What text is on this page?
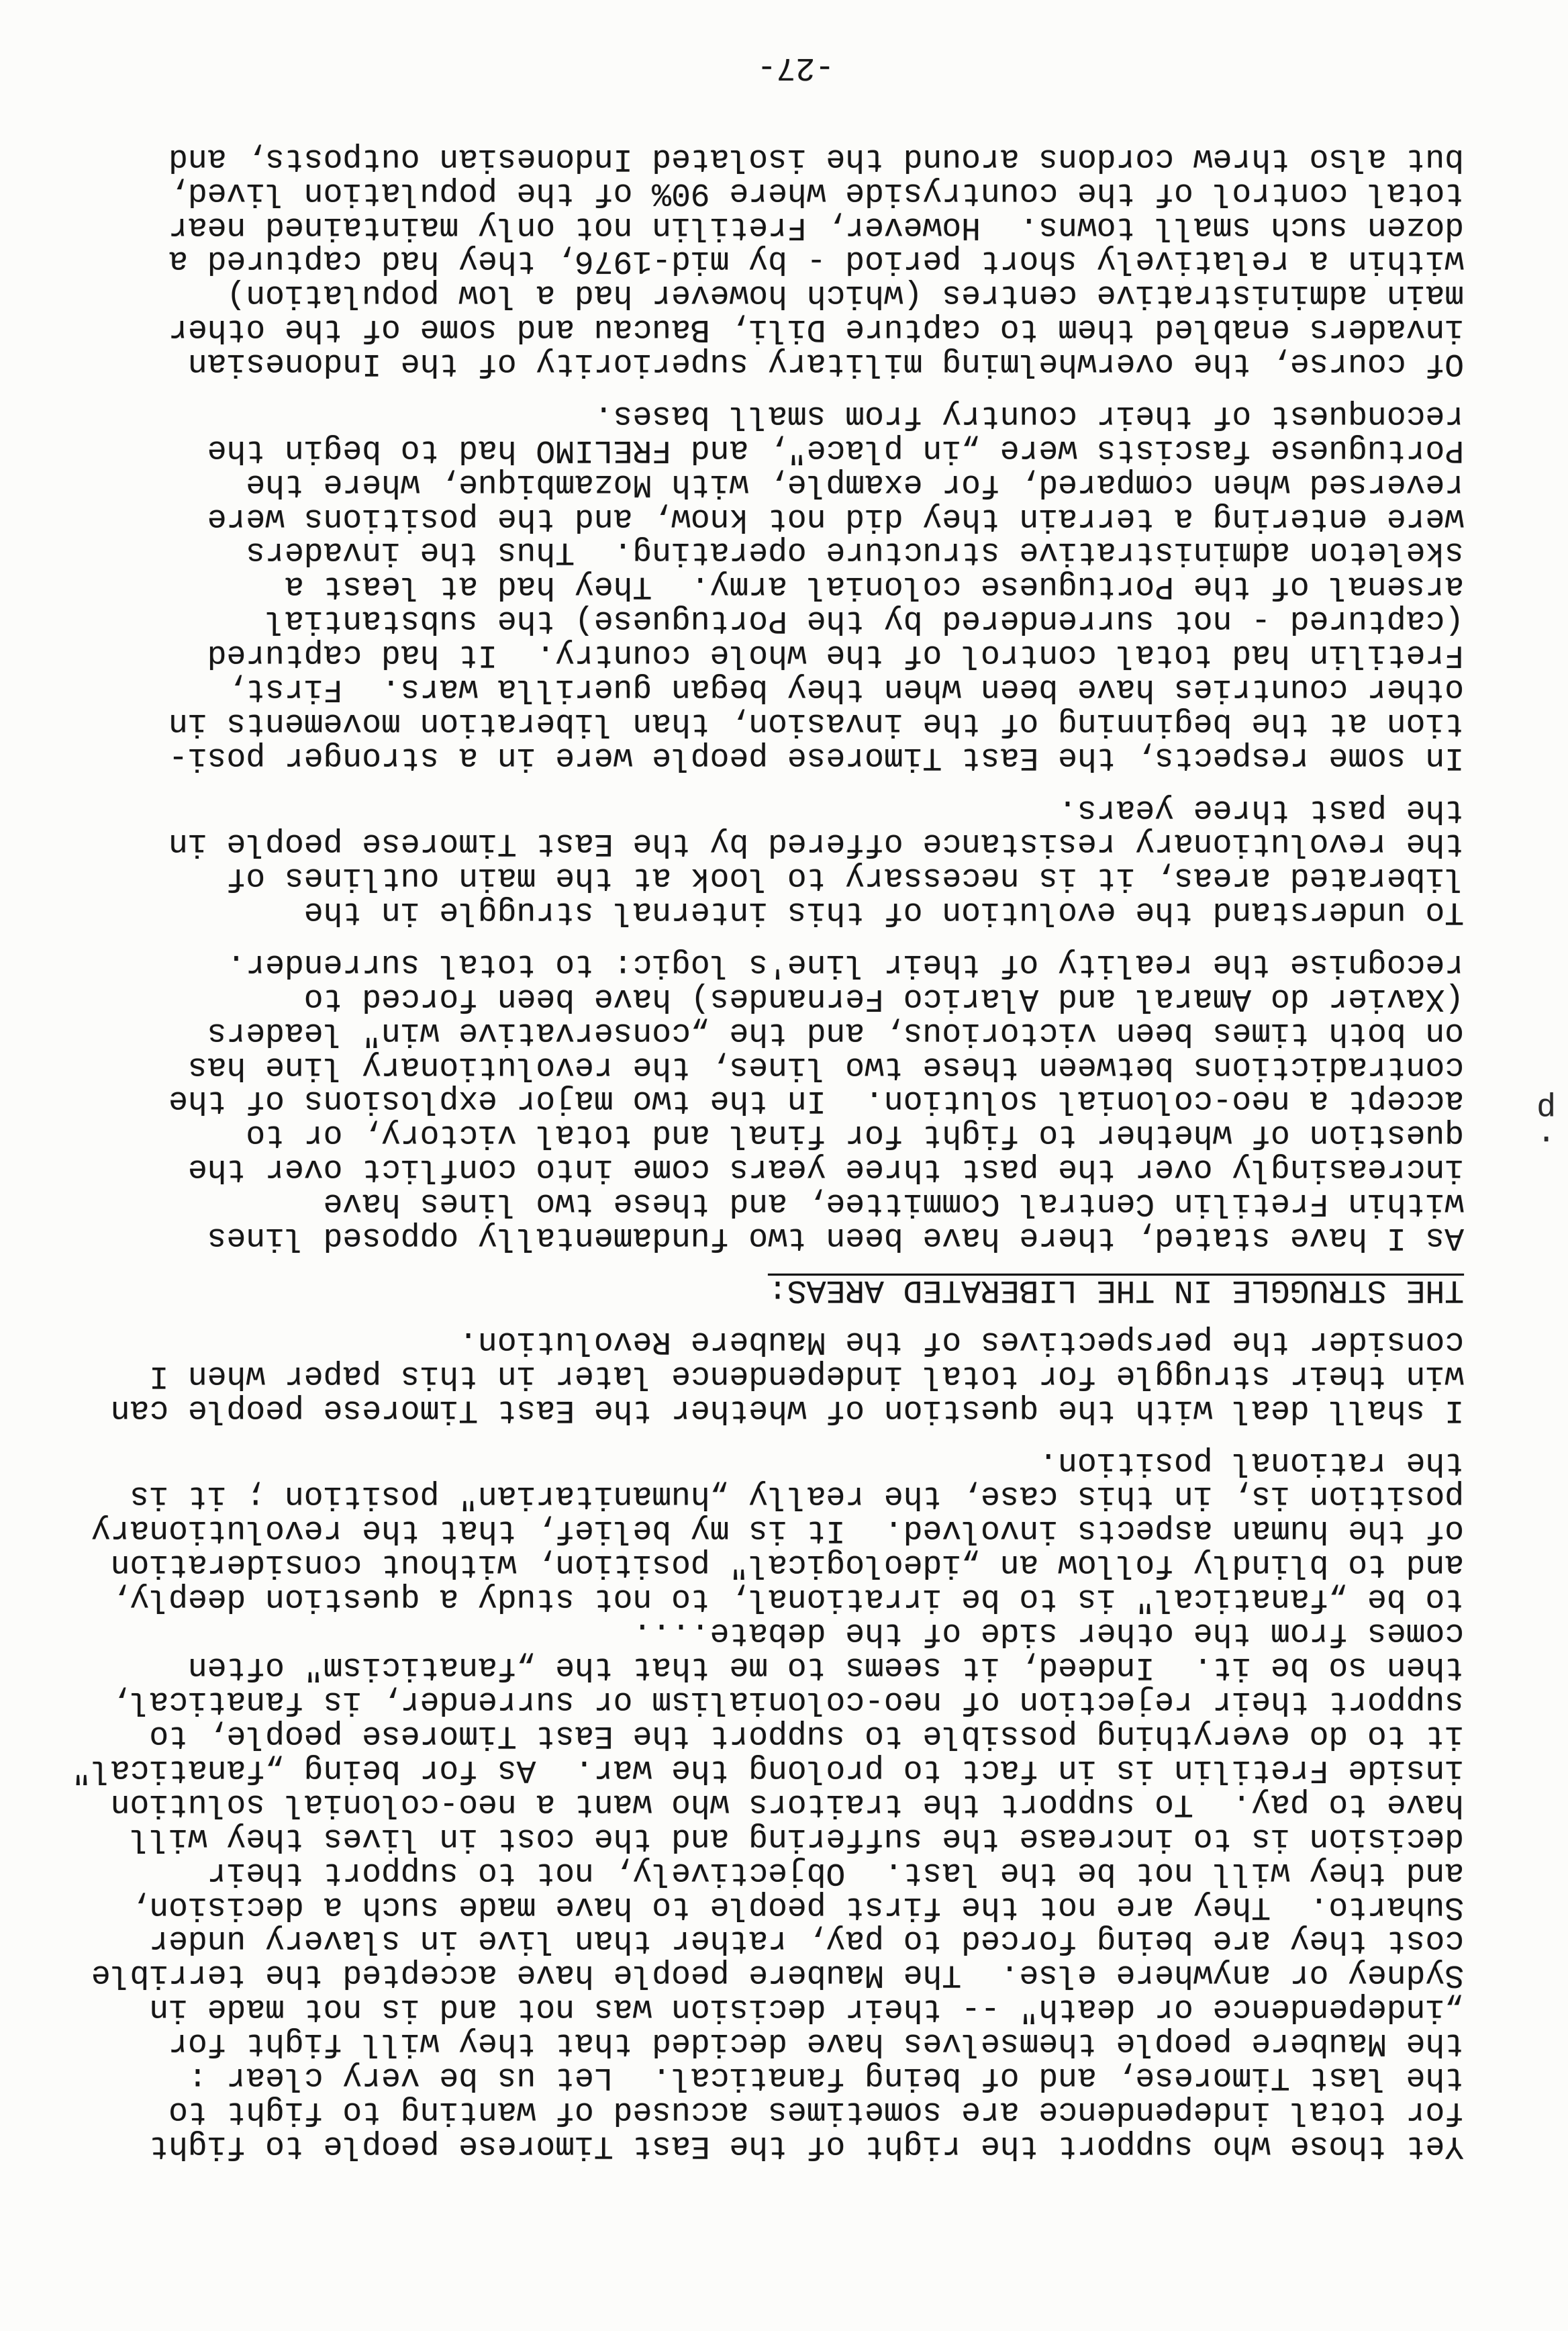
.
p
Yet those who support the right of the East Timorese people to fight
for total independence are sometimes accused of wanting to fight to
the last Timorese, and of being fanatical.  Let us be very clear :
the Maubere people themselves have decided that they will fight for
„independence or death" -- their decision was not and is not made in
Sydney or anywhere else.  The Maubere people have accepted the terrible
cost they are being forced to pay, rather than live in slavery under
Suharto.  They are not the first people to have made such a decision,
and they will not be the last.  Objectively, not to support their
decision is to increase the suffering and the cost in lives they will
have to pay.  To support the traitors who want a neo-colonial solution
inside Fretilin is in fact to prolong the war.  As for being „fanatical"
it to do everything possible to support the East Timorese people, to
support their rejection of neo-colonialism or surrender, is fanatical,
then so be it.  Indeed, it seems to me that the „fanaticism" often
comes from the other side of the debate....
to be „fanatical" is to be irrational, to not study a question deeply,
and to blindly follow an „ideological" position, without consideration
of the human aspects involved.  It is my belief, that the revolutionary
position is, in this case, the really „humanitarian" position ; it is
the rational position.
I shall deal with the question of whether the East Timorese people can
win their struggle for total independence later in this paper when I
consider the perspectives of the Maubere Revolution.
THE STRUGGLE IN THE LIBERATED AREAS:
As I have stated, there have been two fundamentally opposed lines
within Fretilin Central Committee, and these two lines have
increasingly over the past three years come into conflict over the
question of whether to fight for final and total victory, or to
accept a neo-colonial solution.  In the two major explosions of the
contradictions between these two lines, the revolutionary line has
on both times been victorious, and the „conservative win" leaders
(Xavier do Amaral and Alarico Fernandes) have been forced to
recognise the reality of their line's logic: to total surrender.
To understand the evolution of this internal struggle in the
liberated areas, it is necessary to look at the main outlines of
the revolutionary resistance offered by the East Timorese people in
the past three years.
In some respects, the East Timorese people were in a stronger posi-
tion at the beginning of the invasion, than liberation movements in
other countries have been when they began guerilla wars.  First,
Fretilin had total control of the whole country.  It had captured
(captured - not surrendered by the Portuguese) the substantial
arsenal of the Portuguese colonial army.  They had at least a
skeleton administrative structure operating.  Thus the invaders
were entering a terrain they did not know, and the positions were
reversed when compared, for example, with Mozambique, where the
Portuguese fascists were „in place", and FRELIMO had to begin the
reconquest of their country from small bases.
Of course, the overwhelming military superiority of the Indonesian
invaders enabled them to capture Dili, Baucau and some of the other
main administrative centres (which however had a low population)
within a relatively short period - by mid-1976, they had captured a
dozen such small towns.  However, Fretilin not only maintained near
total control of the countryside where 90% of the population lived,
but also threw cordons around the isolated Indonesian outposts, and
-27-
